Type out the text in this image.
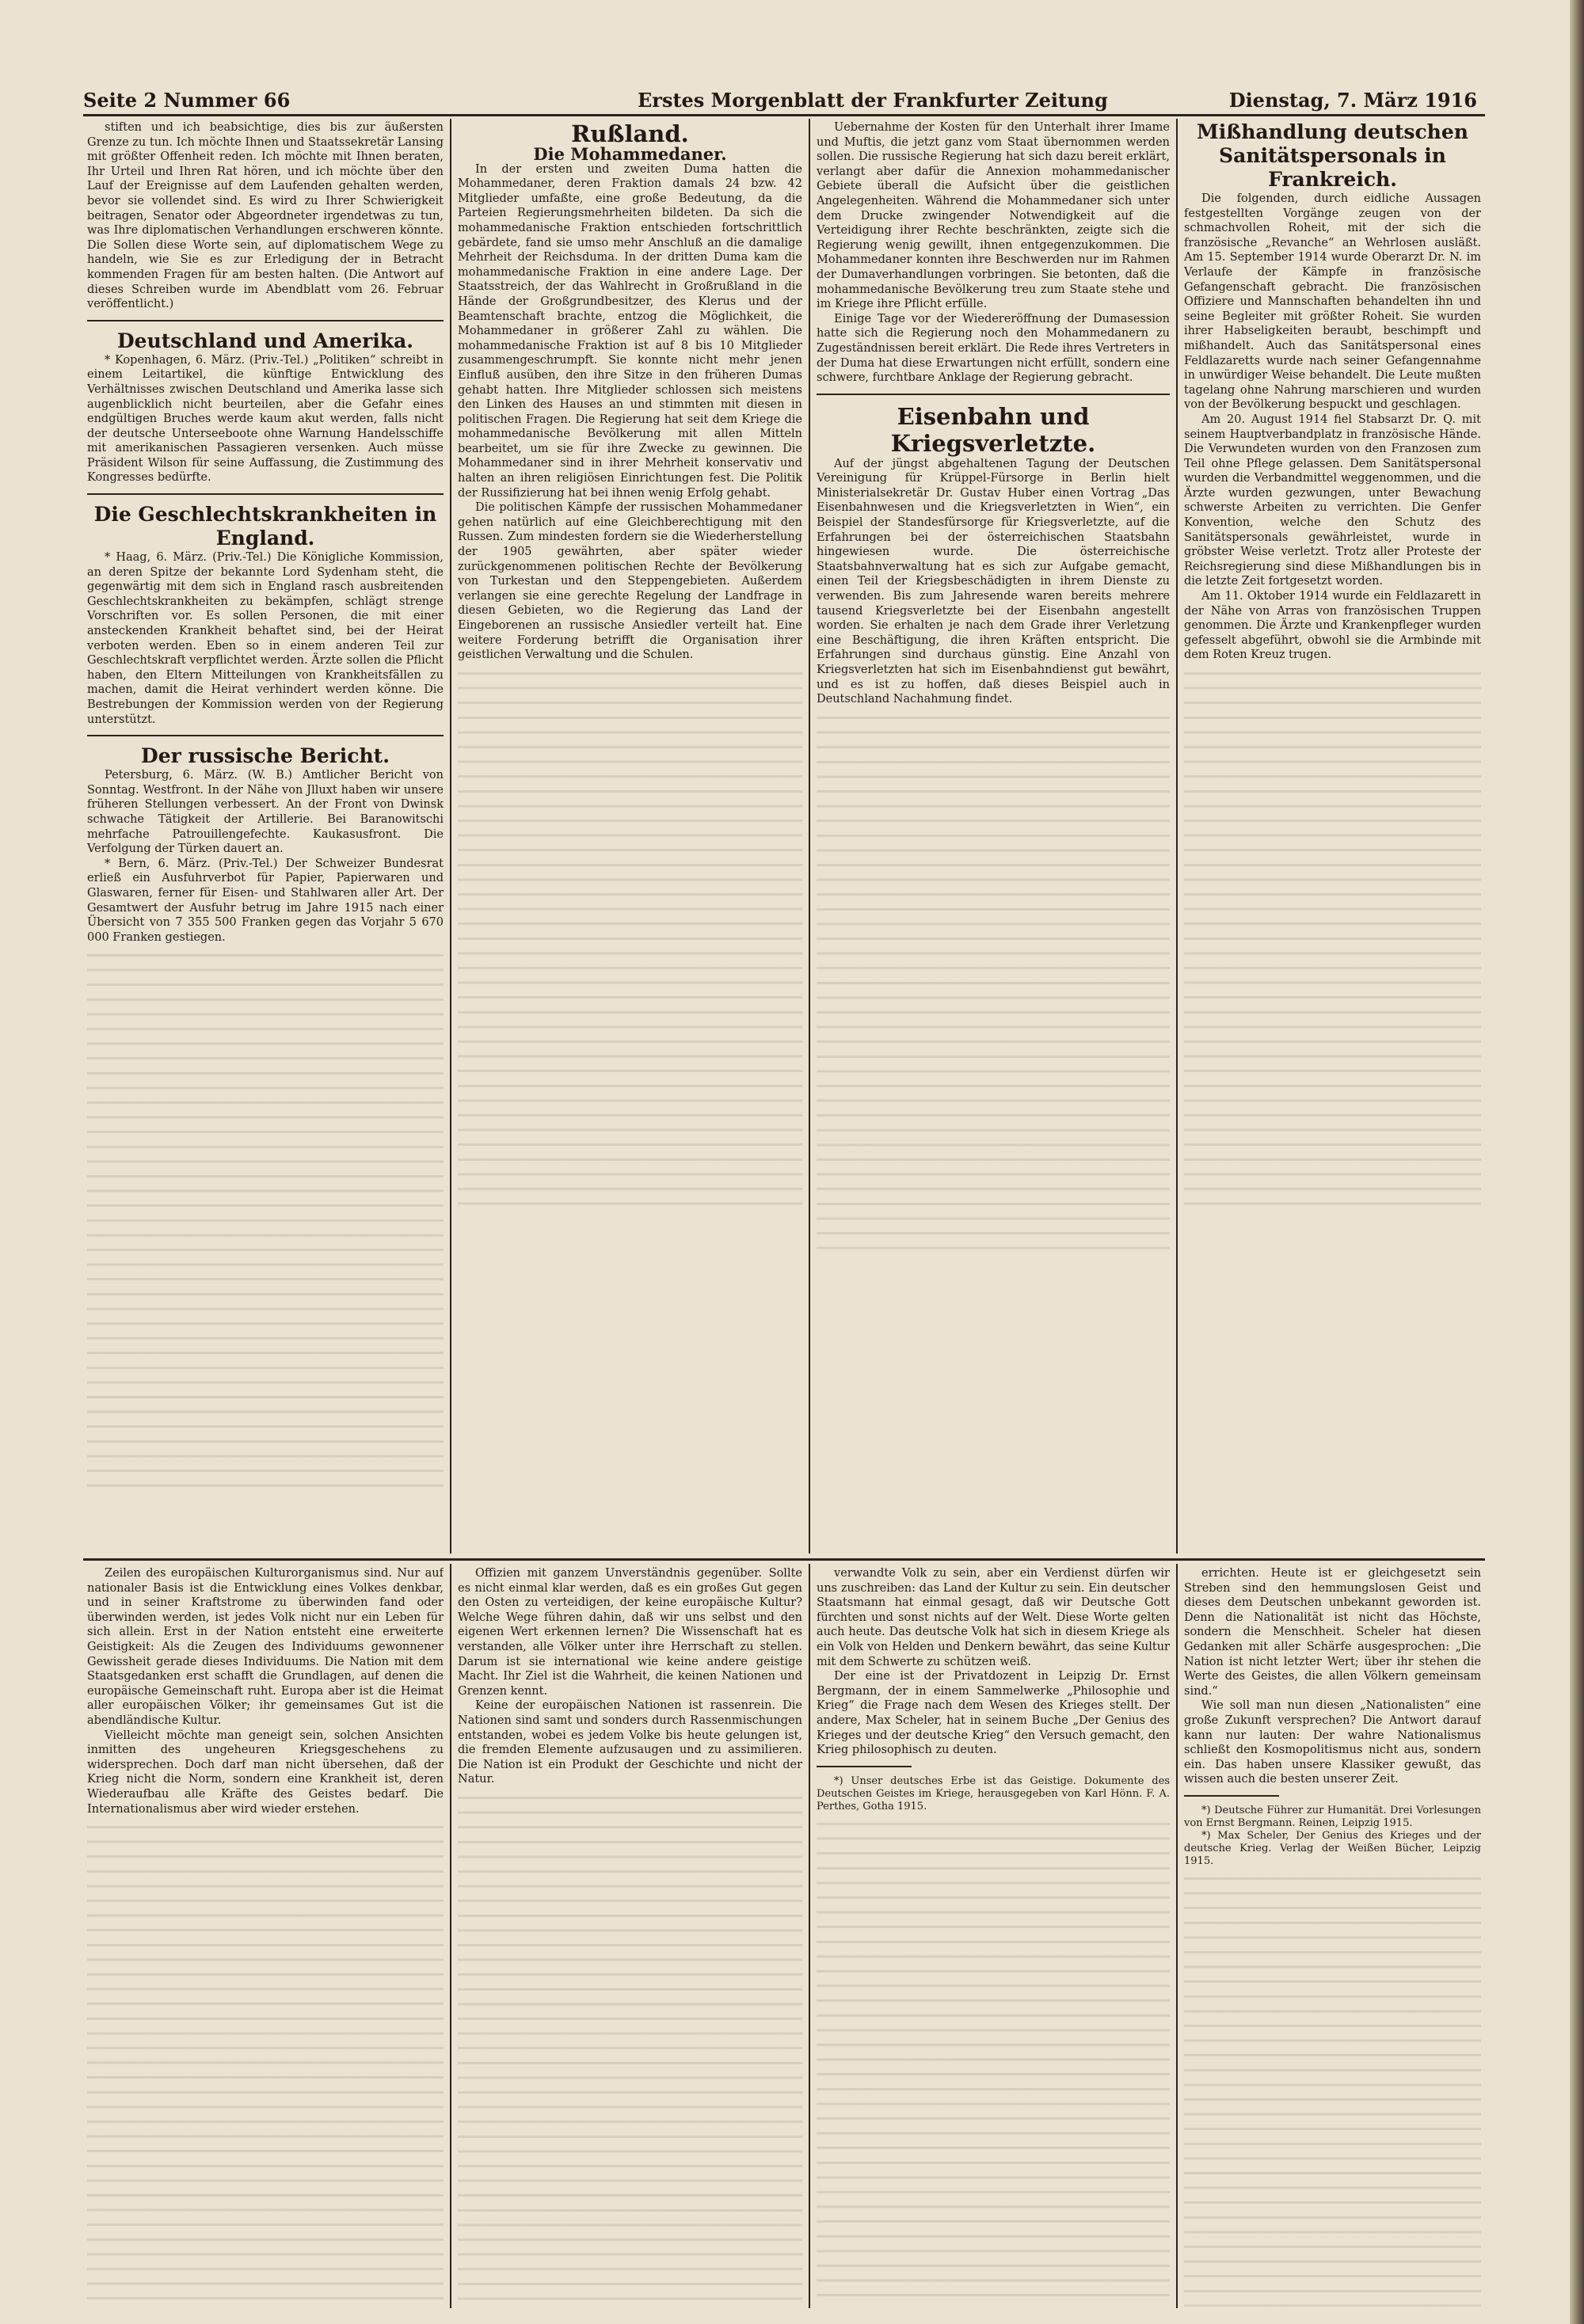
Seite 2 Nummer 66	Erstes Morgenblatt der Frankfurter Zeitung	Dienstag, 7. März 1916

stiften und ich beabsichtige, dies bis zur äußersten Grenze zu tun. Ich möchte Ihnen und Staatssekretär Lansing mit größter Offenheit reden. Ich möchte mit Ihnen beraten, Ihr Urteil und Ihren Rat hören, und ich möchte über den Lauf der Ereignisse auf dem Laufenden gehalten werden, bevor sie vollendet sind. Es wird zu Ihrer Schwierigkeit beitragen, Senator oder Abgeordneter irgendetwas zu tun, was Ihre diplomatischen Verhandlungen erschweren könnte. Die Sollen diese Worte sein, auf diplomatischem Wege zu handeln, wie Sie es zur Erledigung der in Betracht kommenden Fragen für am besten halten. (Die Antwort auf dieses Schreiben wurde im Abendblatt vom 26. Februar veröffentlicht.)

Deutschland und Amerika.

* Kopenhagen, 6. März. (Priv.-Tel.) „Politiken“ schreibt in einem Leitartikel, die künftige Entwicklung des Verhältnisses zwischen Deutschland und Amerika lasse sich augenblicklich nicht beurteilen, aber die Gefahr eines endgültigen Bruches werde kaum akut werden, falls nicht der deutsche Unterseeboote ohne Warnung Handelsschiffe mit amerikanischen Passagieren versenken. Auch müsse Präsident Wilson für seine Auffassung, die Zustimmung des Kongresses bedürfte.

Die Geschlechtskrankheiten in England.

* Haag, 6. März. (Priv.-Tel.) Die Königliche Kommission, an deren Spitze der bekannte Lord Sydenham steht, die gegenwärtig mit dem sich in England rasch ausbreitenden Geschlechtskrankheiten zu bekämpfen, schlägt strenge Vorschriften vor. Es sollen Personen, die mit einer ansteckenden Krankheit behaftet sind, bei der Heirat verboten werden. Eben so in einem anderen Teil zur Geschlechtskraft verpflichtet werden. Ärzte sollen die Pflicht haben, den Eltern Mitteilungen von Krankheitsfällen zu machen, damit die Heirat verhindert werden könne. Die Bestrebungen der Kommission werden von der Regierung unterstützt.

Der russische Bericht.

Petersburg, 6. März. (W. B.) Amtlicher Bericht von Sonntag. Westfront. In der Nähe von Jlluxt haben wir unsere früheren Stellungen verbessert. An der Front von Dwinsk schwache Tätigkeit der Artillerie. Bei Baranowitschi mehrfache Patrouillengefechte. Kaukasusfront. Die Verfolgung der Türken dauert an.

* Bern, 6. März. (Priv.-Tel.) Der Schweizer Bundesrat erließ ein Ausfuhrverbot für Papier, Papierwaren und Glaswaren, ferner für Eisen- und Stahlwaren aller Art. Der Gesamtwert der Ausfuhr betrug im Jahre 1915 nach einer Übersicht von 7 355 500 Franken gegen das Vorjahr 5 670 000 Franken gestiegen.

Rußland.

Die Mohammedaner.

In der ersten und zweiten Duma hatten die Mohammedaner, deren Fraktion damals 24 bzw. 42 Mitglieder umfaßte, eine große Bedeutung, da die Parteien Regierungsmehrheiten bildeten. Da sich die mohammedanische Fraktion entschieden fortschrittlich gebärdete, fand sie umso mehr Anschluß an die damalige Mehrheit der Reichsduma. In der dritten Duma kam die mohammedanische Fraktion in eine andere Lage. Der Staatsstreich, der das Wahlrecht in Großrußland in die Hände der Großgrundbesitzer, des Klerus und der Beamtenschaft brachte, entzog die Möglichkeit, die Mohammedaner in größerer Zahl zu wählen. Die mohammedanische Fraktion ist auf 8 bis 10 Mitglieder zusammengeschrumpft. Sie konnte nicht mehr jenen Einfluß ausüben, den ihre Sitze in den früheren Dumas gehabt hatten. Ihre Mitglieder schlossen sich meistens den Linken des Hauses an und stimmten mit diesen in politischen Fragen. Die Regierung hat seit dem Kriege die mohammedanische Bevölkerung mit allen Mitteln bearbeitet, um sie für ihre Zwecke zu gewinnen. Die Mohammedaner sind in ihrer Mehrheit konservativ und halten an ihren religiösen Einrichtungen fest. Die Politik der Russifizierung hat bei ihnen wenig Erfolg gehabt.

Die politischen Kämpfe der russischen Mohammedaner gehen natürlich auf eine Gleichberechtigung mit den Russen. Zum mindesten fordern sie die Wiederherstellung der 1905 gewährten, aber später wieder zurückgenommenen politischen Rechte der Bevölkerung von Turkestan und den Steppengebieten. Außerdem verlangen sie eine gerechte Regelung der Landfrage in diesen Gebieten, wo die Regierung das Land der Eingeborenen an russische Ansiedler verteilt hat. Eine weitere Forderung betrifft die Organisation ihrer geistlichen Verwaltung und die Schulen.

Uebernahme der Kosten für den Unterhalt ihrer Imame und Muftis, die jetzt ganz vom Staat übernommen werden sollen. Die russische Regierung hat sich dazu bereit erklärt, verlangt aber dafür die Annexion mohammedanischer Gebiete überall die Aufsicht über die geistlichen Angelegenheiten. Während die Mohammedaner sich unter dem Drucke zwingender Notwendigkeit auf die Verteidigung ihrer Rechte beschränkten, zeigte sich die Regierung wenig gewillt, ihnen entgegenzukommen. Die Mohammedaner konnten ihre Beschwerden nur im Rahmen der Dumaverhandlungen vorbringen. Sie betonten, daß die mohammedanische Bevölkerung treu zum Staate stehe und im Kriege ihre Pflicht erfülle.

Einige Tage vor der Wiedereröffnung der Dumasession hatte sich die Regierung noch den Mohammedanern zu Zugeständnissen bereit erklärt. Die Rede ihres Vertreters in der Duma hat diese Erwartungen nicht erfüllt, sondern eine schwere, furchtbare Anklage der Regierung gebracht.

Eisenbahn und Kriegsverletzte.

Auf der jüngst abgehaltenen Tagung der Deutschen Vereinigung für Krüppel-Fürsorge in Berlin hielt Ministerialsekretär Dr. Gustav Huber einen Vortrag „Das Eisenbahnwesen und die Kriegsverletzten in Wien“, ein Beispiel der Standesfürsorge für Kriegsverletzte, auf die Erfahrungen bei der österreichischen Staatsbahn hingewiesen wurde. Die österreichische Staatsbahnverwaltung hat es sich zur Aufgabe gemacht, einen Teil der Kriegsbeschädigten in ihrem Dienste zu verwenden. Bis zum Jahresende waren bereits mehrere tausend Kriegsverletzte bei der Eisenbahn angestellt worden. Sie erhalten je nach dem Grade ihrer Verletzung eine Beschäftigung, die ihren Kräften entspricht. Die Erfahrungen sind durchaus günstig. Eine Anzahl von Kriegsverletzten hat sich im Eisenbahndienst gut bewährt, und es ist zu hoffen, daß dieses Beispiel auch in Deutschland Nachahmung findet.

Mißhandlung deutschen Sanitätspersonals in Frankreich.

Die folgenden, durch eidliche Aussagen festgestellten Vorgänge zeugen von der schmachvollen Roheit, mit der sich die französische „Revanche“ an Wehrlosen ausläßt. Am 15. September 1914 wurde Oberarzt Dr. N. im Verlaufe der Kämpfe in französische Gefangenschaft gebracht. Die französischen Offiziere und Mannschaften behandelten ihn und seine Begleiter mit größter Roheit. Sie wurden ihrer Habseligkeiten beraubt, beschimpft und mißhandelt. Auch das Sanitätspersonal eines Feldlazaretts wurde nach seiner Gefangennahme in unwürdiger Weise behandelt. Die Leute mußten tagelang ohne Nahrung marschieren und wurden von der Bevölkerung bespuckt und geschlagen.

Am 20. August 1914 fiel Stabsarzt Dr. Q. mit seinem Hauptverbandplatz in französische Hände. Die Verwundeten wurden von den Franzosen zum Teil ohne Pflege gelassen. Dem Sanitätspersonal wurden die Verbandmittel weggenommen, und die Ärzte wurden gezwungen, unter Bewachung schwerste Arbeiten zu verrichten. Die Genfer Konvention, welche den Schutz des Sanitätspersonals gewährleistet, wurde in gröbster Weise verletzt. Trotz aller Proteste der Reichsregierung sind diese Mißhandlungen bis in die letzte Zeit fortgesetzt worden.

Am 11. Oktober 1914 wurde ein Feldlazarett in der Nähe von Arras von französischen Truppen genommen. Die Ärzte und Krankenpfleger wurden gefesselt abgeführt, obwohl sie die Armbinde mit dem Roten Kreuz trugen.

Zeilen des europäischen Kulturorganismus sind. Nur auf nationaler Basis ist die Entwicklung eines Volkes denkbar, und in seiner Kraftstrome zu überwinden fand oder überwinden werden, ist jedes Volk nicht nur ein Leben für sich allein. Erst in der Nation entsteht eine erweiterte Geistigkeit: Als die Zeugen des Individuums gewonnener Gewissheit gerade dieses Individuums. Die Nation mit dem Staatsgedanken erst schafft die Grundlagen, auf denen die europäische Gemeinschaft ruht. Europa aber ist die Heimat aller europäischen Völker; ihr gemeinsames Gut ist die abendländische Kultur.

Vielleicht möchte man geneigt sein, solchen Ansichten inmitten des ungeheuren Kriegsgeschehens zu widersprechen. Doch darf man nicht übersehen, daß der Krieg nicht die Norm, sondern eine Krankheit ist, deren Wiederaufbau alle Kräfte des Geistes bedarf. Die Internationalismus aber wird wieder erstehen.

Offizien mit ganzem Unverständnis gegenüber. Sollte es nicht einmal klar werden, daß es ein großes Gut gegen den Osten zu verteidigen, der keine europäische Kultur? Welche Wege führen dahin, daß wir uns selbst und den eigenen Wert erkennen lernen? Die Wissenschaft hat es verstanden, alle Völker unter ihre Herrschaft zu stellen. Darum ist sie international wie keine andere geistige Macht. Ihr Ziel ist die Wahrheit, die keinen Nationen und Grenzen kennt.

Keine der europäischen Nationen ist rassenrein. Die Nationen sind samt und sonders durch Rassenmischungen entstanden, wobei es jedem Volke bis heute gelungen ist, die fremden Elemente aufzusaugen und zu assimilieren. Die Nation ist ein Produkt der Geschichte und nicht der Natur.

verwandte Volk zu sein, aber ein Verdienst dürfen wir uns zuschreiben: das Land der Kultur zu sein. Ein deutscher Staatsmann hat einmal gesagt, daß wir Deutsche Gott fürchten und sonst nichts auf der Welt. Diese Worte gelten auch heute. Das deutsche Volk hat sich in diesem Kriege als ein Volk von Helden und Denkern bewährt, das seine Kultur mit dem Schwerte zu schützen weiß.

Der eine ist der Privatdozent in Leipzig Dr. Ernst Bergmann, der in einem Sammelwerke „Philosophie und Krieg“ die Frage nach dem Wesen des Krieges stellt. Der andere, Max Scheler, hat in seinem Buche „Der Genius des Krieges und der deutsche Krieg“ den Versuch gemacht, den Krieg philosophisch zu deuten.

*) Unser deutsches Erbe ist das Geistige. Dokumente des Deutschen Geistes im Kriege, herausgegeben von Karl Hönn. F. A. Perthes, Gotha 1915.

errichten. Heute ist er gleichgesetzt sein Streben sind den hemmungslosen Geist und dieses dem Deutschen unbekannt geworden ist. Denn die Nationalität ist nicht das Höchste, sondern die Menschheit. Scheler hat diesen Gedanken mit aller Schärfe ausgesprochen: „Die Nation ist nicht letzter Wert; über ihr stehen die Werte des Geistes, die allen Völkern gemeinsam sind.“

Wie soll man nun diesen „Nationalisten“ eine große Zukunft versprechen? Die Antwort darauf kann nur lauten: Der wahre Nationalismus schließt den Kosmopolitismus nicht aus, sondern ein. Das haben unsere Klassiker gewußt, das wissen auch die besten unserer Zeit.

*) Deutsche Führer zur Humanität. Drei Vorlesungen von Ernst Bergmann. Reinen, Leipzig 1915.

*) Max Scheler, Der Genius des Krieges und der deutsche Krieg. Verlag der Weißen Bücher, Leipzig 1915.
